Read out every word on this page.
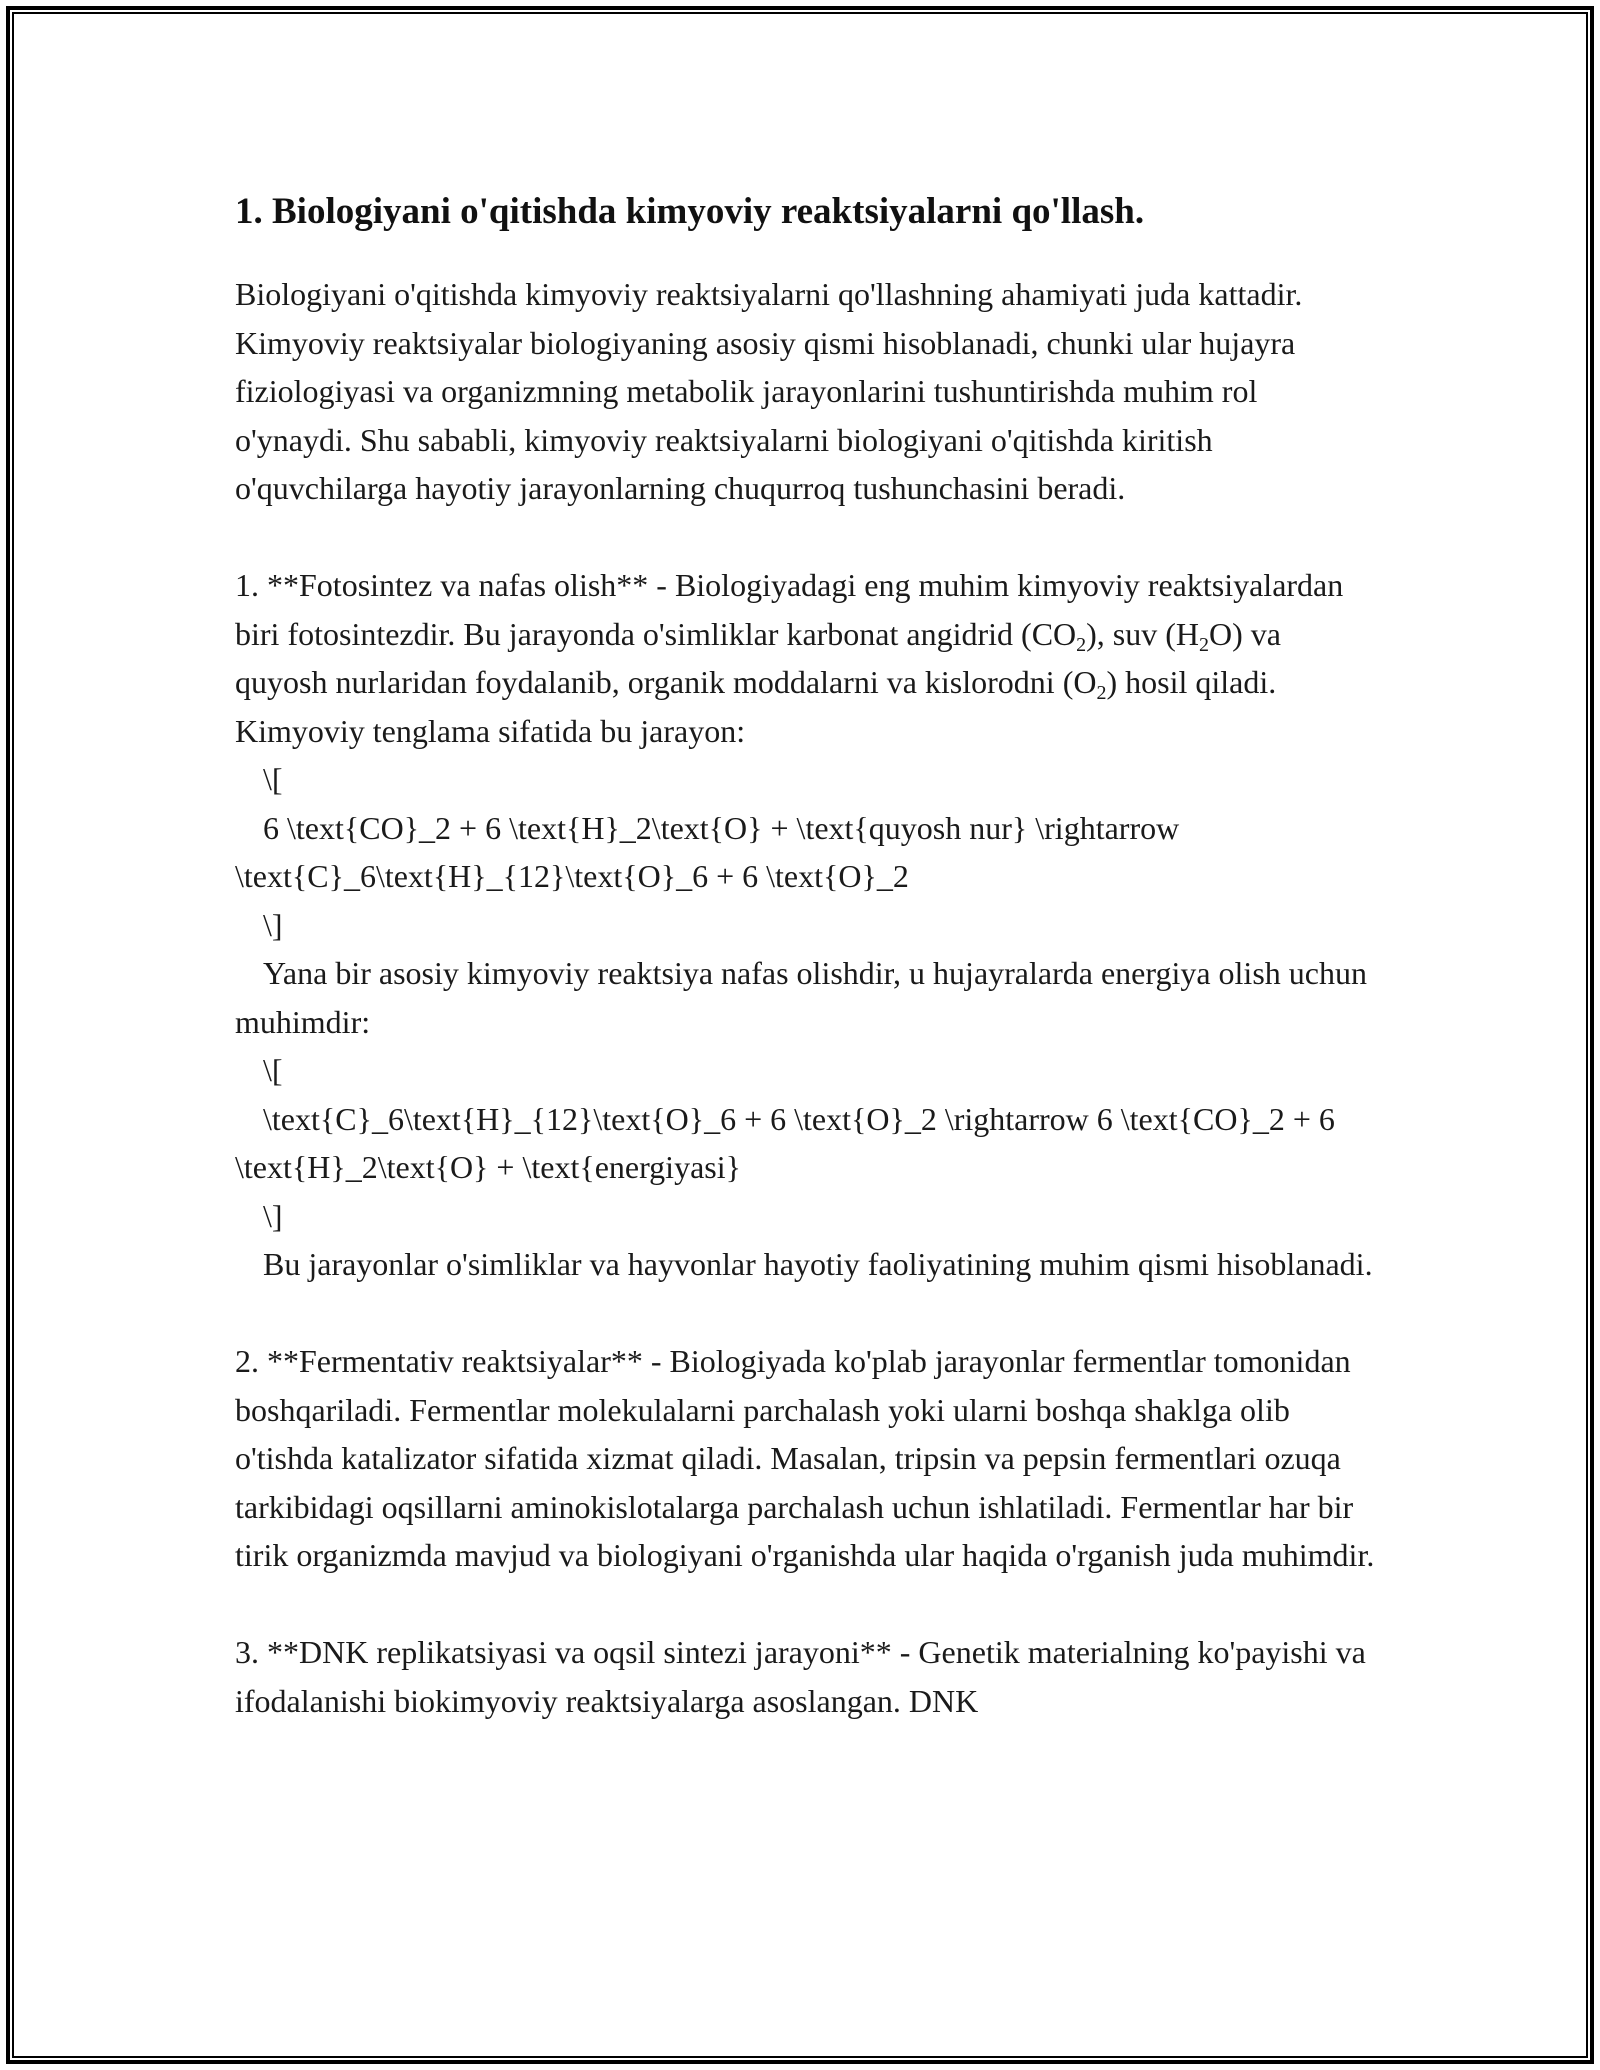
1. Biologiyani o'qitishda kimyoviy reaktsiyalarni qo'llash.

Biologiyani o'qitishda kimyoviy reaktsiyalarni qo'llashning ahamiyati juda kattadir. Kimyoviy reaktsiyalar biologiyaning asosiy qismi hisoblanadi, chunki ular hujayra fiziologiyasi va organizmning metabolik jarayonlarini tushuntirishda muhim rol o'ynaydi. Shu sababli, kimyoviy reaktsiyalarni biologiyani o'qitishda kiritish o'quvchilarga hayotiy jarayonlarning chuqurroq tushunchasini beradi.

1. **Fotosintez va nafas olish** - Biologiyadagi eng muhim kimyoviy reaktsiyalardan biri fotosintezdir. Bu jarayonda o'simliklar karbonat angidrid $(CO_2)$, suv $(H_2O)$ va quyosh nurlaridan foydalanib, organik moddalarni va kislorodni $(O_2)$ hosil qiladi. Kimyoviy tenglama sifatida bu jarayon:

\[

6 \text{CO}_2 + 6 \text{H}_2\text{O} + \text{quyosh nur} \rightarrow \text{C}_6\text{H}_{12}\text{O}_6 + 6 \text{O}_2

\]

Yana bir asosiy kimyoviy reaktsiya nafas olishdir, u hujayralarda energiya olish uchun muhimdir:

\[

\text{C}_6\text{H}_{12}\text{O}_6 + 6 \text{O}_2 \rightarrow 6 \text{CO}_2 + 6 \text{H}_2\text{O} + \text{energiyasi}

\]

Bu jarayonlar o'simliklar va hayvonlar hayotiy faoliyatining muhim qismi hisoblanadi.

2. **Fermentativ reaktsiyalar** - Biologiyada ko'plab jarayonlar fermentlar tomonidan boshqariladi. Fermentlar molekulalarni parchalash yoki ularni boshqa shaklga olib o'tishda katalizator sifatida xizmat qiladi. Masalan, tripsin va pepsin fermentlari ozuqa tarkibidagi oqsillarni aminokislotalarga parchalash uchun ishlatiladi. Fermentlar har bir tirik organizmda mavjud va biologiyani o'rganishda ular haqida o'rganish juda muhimdir.

3. **DNK replikatsiyasi va oqsil sintezi jarayoni** - Genetik materialning ko'payishi va ifodalanishi biokimyoviy reaktsiyalarga asoslangan. DNK
